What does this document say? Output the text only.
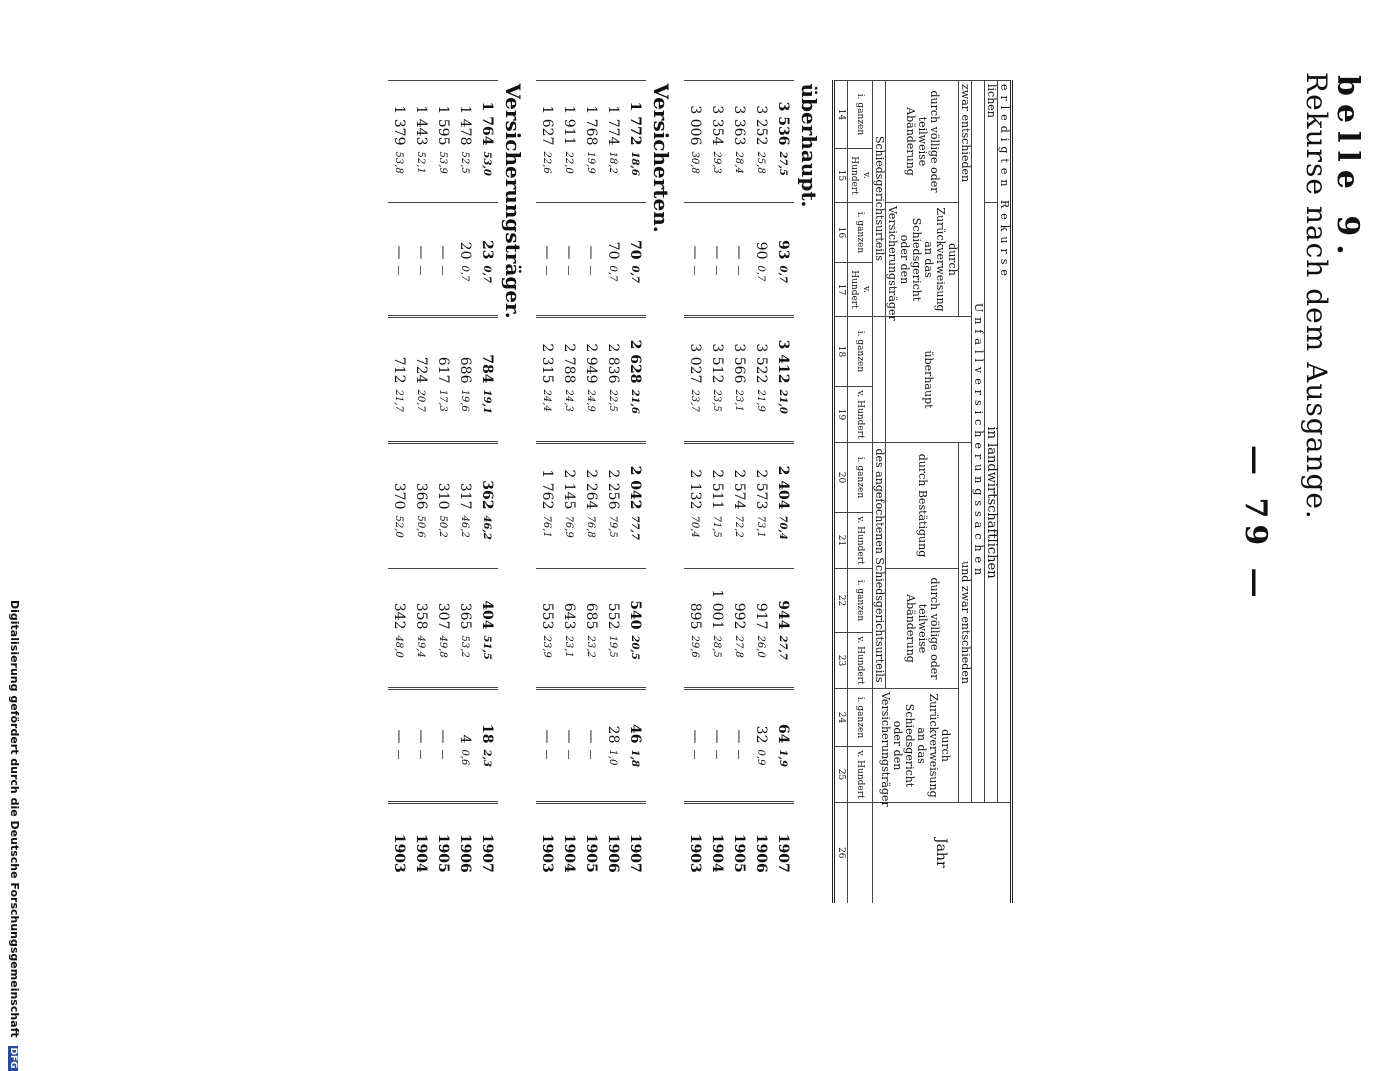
belle 9.
Rekurse nach dem Ausgange.
— 79 —
Digitalisierung gefördert durch die Deutsche Forschungsgemeinschaft DFG
erledigten Rekurse												Jahr
lichen		in landwirtschaftlichen										
Unfallversicherungssachen												
zwar entschieden				überhaupt		und zwar entschieden						
durch völlige oder teilweise Abänderung		durch Zurückverweisung an das Schiedsgericht oder den Versicherungsträger				durch Bestätigung		durch völlige oder teilweise Abänderung		durch Zurückverweisung an das Schiedsgericht oder den Versicherungsträger		
Schiedsgerichtsurteils						des angefochtenen Schiedsgerichtsurteils						
i. ganzen	v. Hundert	i. ganzen	v. Hundert	i. ganzen	v. Hundert	i. ganzen	v. Hundert	i. ganzen	v. Hundert	i. ganzen	v. Hundert	
14	15	16	17	18	19	20	21	22	23	24	25	26
überhaupt.												
3 536	27,5	93	0,7	3 412	21,0	2 404	70,4	944	27,7	64	1,9	1907
3 252	25,8	90	0,7	3 522	21,9	2 573	73,1	917	26,0	32	0,9	1906
3 363	28,4	—	—	3 566	23,1	2 574	72,2	992	27,8	—	—	1905
3 354	29,3	—	—	3 512	23,5	2 511	71,5	1 001	28,5	—	—	1904
3 006	30,8	—	—	3 027	23,7	2 132	70,4	895	29,6	—	—	1903
Versicherten.												
1 772	18,6	70	0,7	2 628	21,6	2 042	77,7	540	20,5	46	1,8	1907
1 774	18,2	70	0,7	2 836	22,5	2 256	79,5	552	19,5	28	1,0	1906
1 768	19,9	—	—	2 949	24,9	2 264	76,8	685	23,2	—	—	1905
1 911	22,0	—	—	2 788	24,3	2 145	76,9	643	23,1	—	—	1904
1 627	22,6	—	—	2 315	24,4	1 762	76,1	553	23,9	—	—	1903
Versicherungsträger.												
1 764	53,0	23	0,7	784	19,1	362	46,2	404	51,5	18	2,3	1907
1 478	52,5	20	0,7	686	19,6	317	46,2	365	53,2	4	0,6	1906
1 595	53,9	—	—	617	17,3	310	50,2	307	49,8	—	—	1905
1 443	52,1	—	—	724	20,7	366	50,6	358	49,4	—	—	1904
1 379	53,8	—	—	712	21,7	370	52,0	342	48,0	—	—	1903
